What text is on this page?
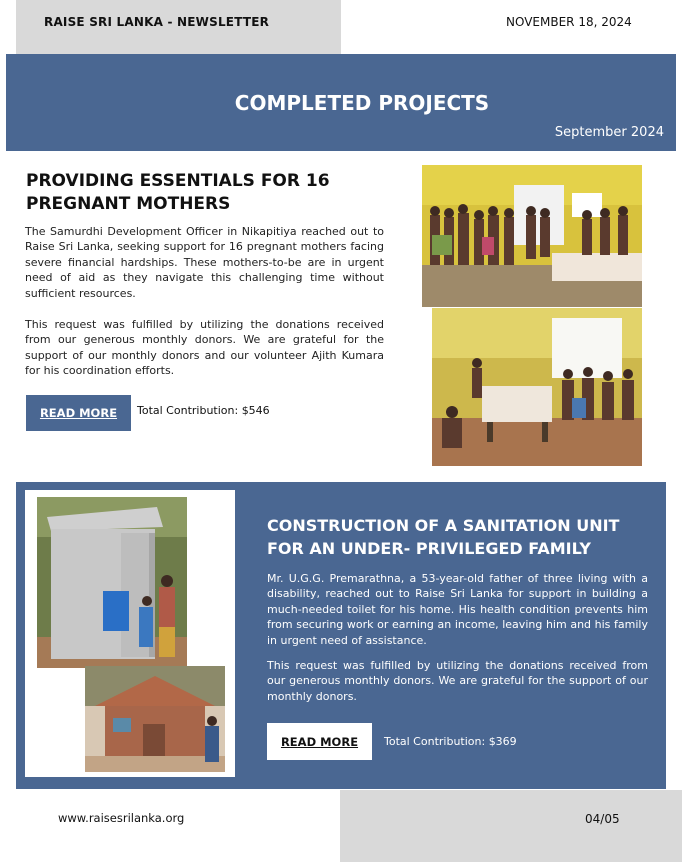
RAISE SRI LANKA - NEWSLETTER	NOVEMBER 18, 2024
COMPLETED PROJECTS
September 2024
PROVIDING ESSENTIALS FOR 16 PREGNANT MOTHERS
The Samurdhi Development Officer in Nikapitiya reached out to Raise Sri Lanka, seeking support for 16 pregnant mothers facing severe financial hardships. These mothers-to-be are in urgent need of aid as they navigate this challenging time without sufficient resources.
This request was fulfilled by utilizing the donations received from our generous monthly donors. We are grateful for the support of our monthly donors and our volunteer Ajith Kumara for his coordination efforts.
READ MORE	Total Contribution: $546
CONSTRUCTION OF A SANITATION UNIT FOR AN UNDER- PRIVILEGED FAMILY
Mr. U.G.G. Premarathna, a 53-year-old father of three living with a disability, reached out to Raise Sri Lanka for support in building a much-needed toilet for his home. His health condition prevents him from securing work or earning an income, leaving him and his family in urgent need of assistance.
This request was fulfilled by utilizing the donations received from our generous monthly donors. We are grateful for the support of our monthly donors.
READ MORE	Total Contribution: $369
www.raisesrilanka.org	04/05
